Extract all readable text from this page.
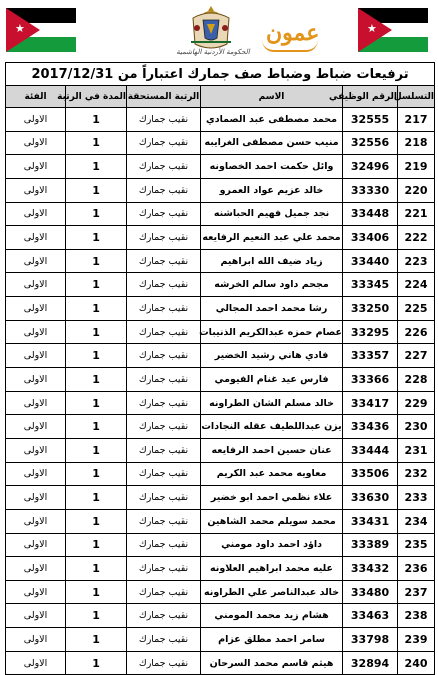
★
الحكومة الأردنية الهاشمية
عمون	★
ترفيعات ضباط وضباط صف جمارك اعتباراً من 2017/12/31					
التسلسل	الرقم الوظيفي	الاسم	الرتبة المستحقة	المدة في الرتبة	الفئة
217	32555	محمد مصطفى عبد الصمادي	نقيب جمارك	1	الاولى
218	32556	منيب حسن مصطفى الغرايبه	نقيب جمارك	1	الاولى
219	32496	وائل حكمت احمد الخصاونه	نقيب جمارك	1	الاولى
220	33330	خالد عزيم عواد العمرو	نقيب جمارك	1	الاولى
221	33448	نجد جميل فهيم الحباشنه	نقيب جمارك	1	الاولى
222	33406	محمد علي عبد النعيم الرفايعه	نقيب جمارك	1	الاولى
223	33440	زياد ضيف الله ابراهيم	نقيب جمارك	1	الاولى
224	33345	مجحم داود سالم الخرشه	نقيب جمارك	1	الاولى
225	33250	رشا محمد احمد المجالي	نقيب جمارك	1	الاولى
226	33295	عصام حمزه عبدالكريم الذنيبات	نقيب جمارك	1	الاولى
227	33357	فادي هاني رشيد الخضير	نقيب جمارك	1	الاولى
228	33366	فارس عيد غنام الفيومي	نقيب جمارك	1	الاولى
229	33417	خالد مسلم الشان الطراونه	نقيب جمارك	1	الاولى
230	33436	يزن عبداللطيف عقله النجادات	نقيب جمارك	1	الاولى
231	33444	عنان حسين احمد الرفايعه	نقيب جمارك	1	الاولى
232	33506	معاويه محمد عبد الكريم	نقيب جمارك	1	الاولى
233	33630	علاء نظمي احمد ابو خضير	نقيب جمارك	1	الاولى
234	33431	محمد سويلم محمد الشاهين	نقيب جمارك	1	الاولى
235	33389	داؤد احمد داود مومني	نقيب جمارك	1	الاولى
236	33432	عليه محمد ابراهيم العلاونه	نقيب جمارك	1	الاولى
237	33480	خالد عبدالناصر علي الطراونه	نقيب جمارك	1	الاولى
238	33463	هشام زيد محمد المومني	نقيب جمارك	1	الاولى
239	33798	سامر احمد مطلق عزام	نقيب جمارك	1	الاولى
240	32894	هيثم قاسم محمد السرحان	نقيب جمارك	1	الاولى
